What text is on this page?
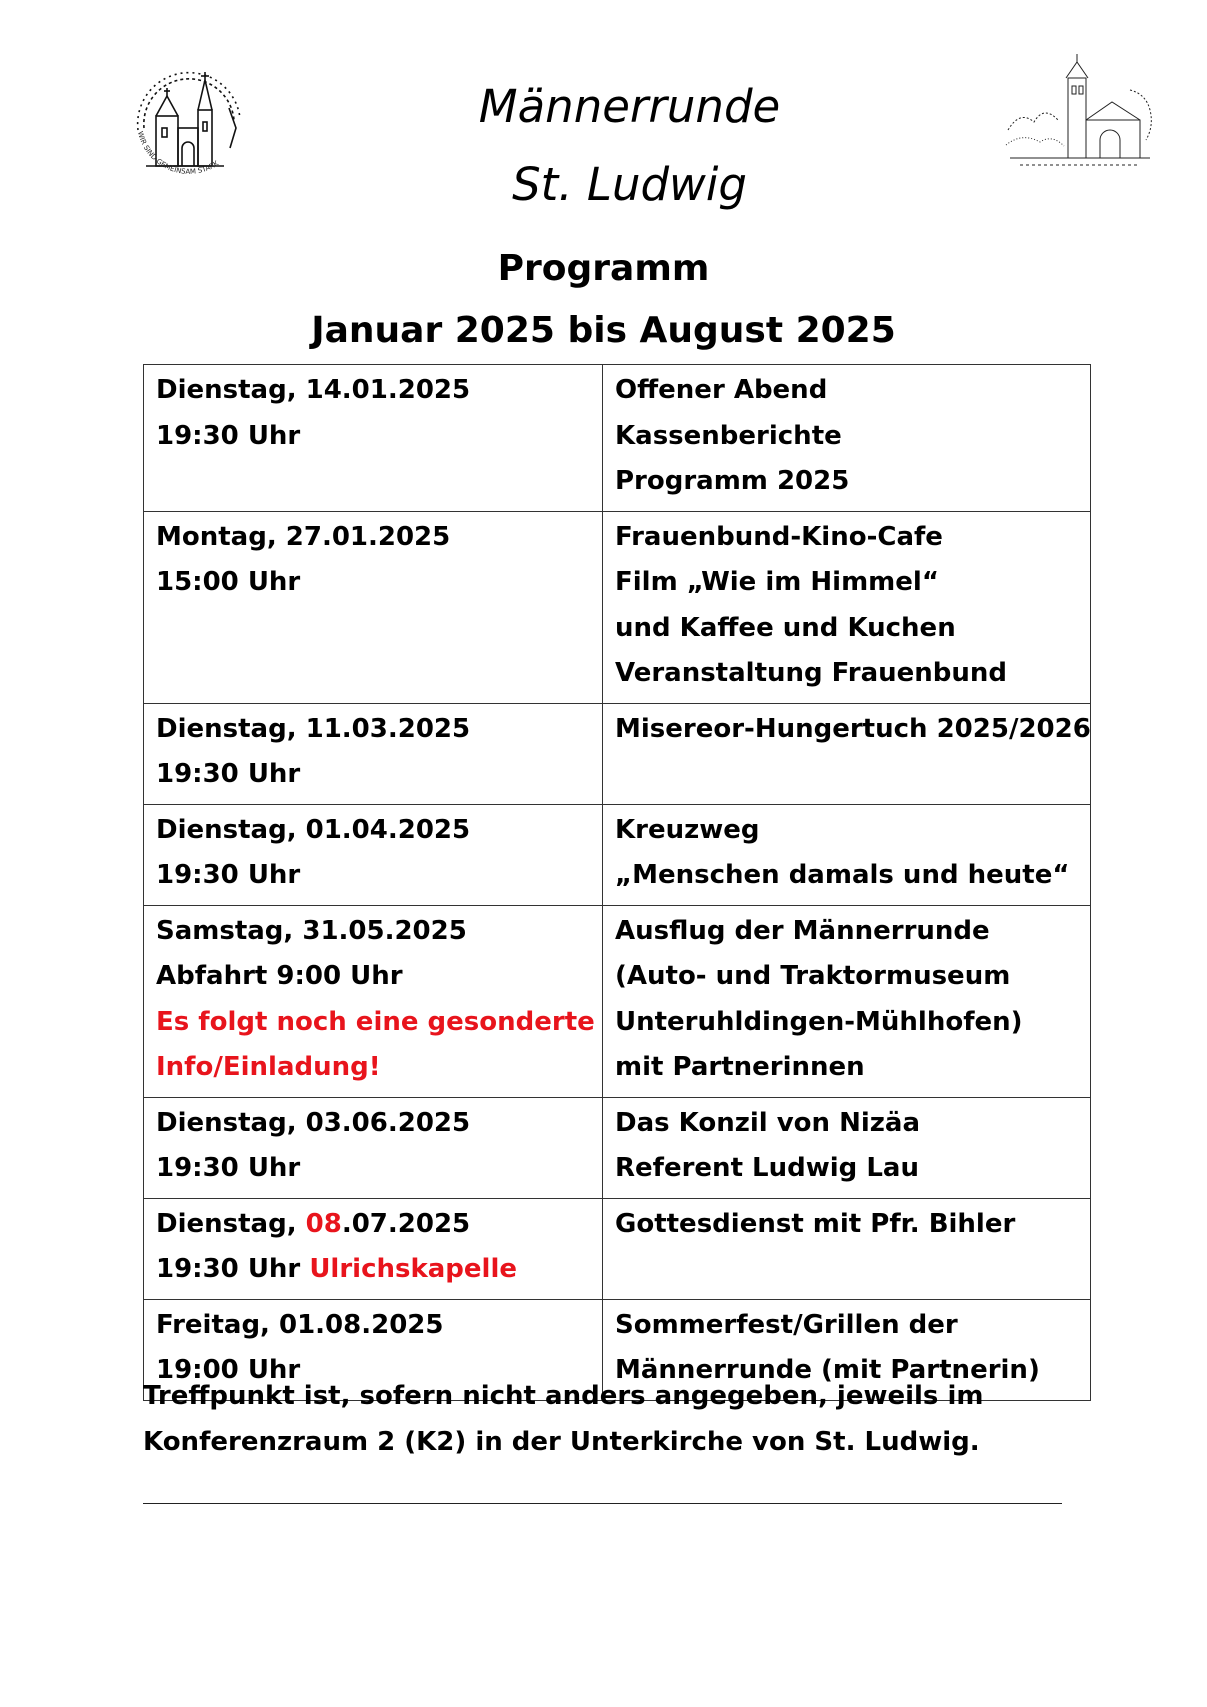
WIR SIND GEMEINSAM STARK
Männerrunde
St. Ludwig
Programm
Januar 2025 bis August 2025
Dienstag, 14.01.2025
19:30 Uhr	Offener Abend
Kassenberichte
Programm 2025

Montag, 27.01.2025
15:00 Uhr	Frauenbund-Kino-Cafe
Film „Wie im Himmel“
und Kaffee und Kuchen
Veranstaltung Frauenbund

Dienstag, 11.03.2025
19:30 Uhr	Misereor-Hungertuch 2025/2026

Dienstag, 01.04.2025
19:30 Uhr	Kreuzweg
„Menschen damals und heute“

Samstag, 31.05.2025
Abfahrt 9:00 Uhr
Es folgt noch eine gesonderte
Info/Einladung!	Ausflug der Männerrunde
(Auto- und Traktormuseum
Unteruhldingen-Mühlhofen)
mit Partnerinnen

Dienstag, 03.06.2025
19:30 Uhr	Das Konzil von Nizäa
Referent Ludwig Lau

Dienstag, 08.07.2025
19:30 Uhr Ulrichskapelle	Gottesdienst mit Pfr. Bihler

Freitag, 01.08.2025
19:00 Uhr	Sommerfest/Grillen der
Männerrunde (mit Partnerin)
Treffpunkt ist, sofern nicht anders angegeben, jeweils im
Konferenzraum 2 (K2) in der Unterkirche von St. Ludwig.
